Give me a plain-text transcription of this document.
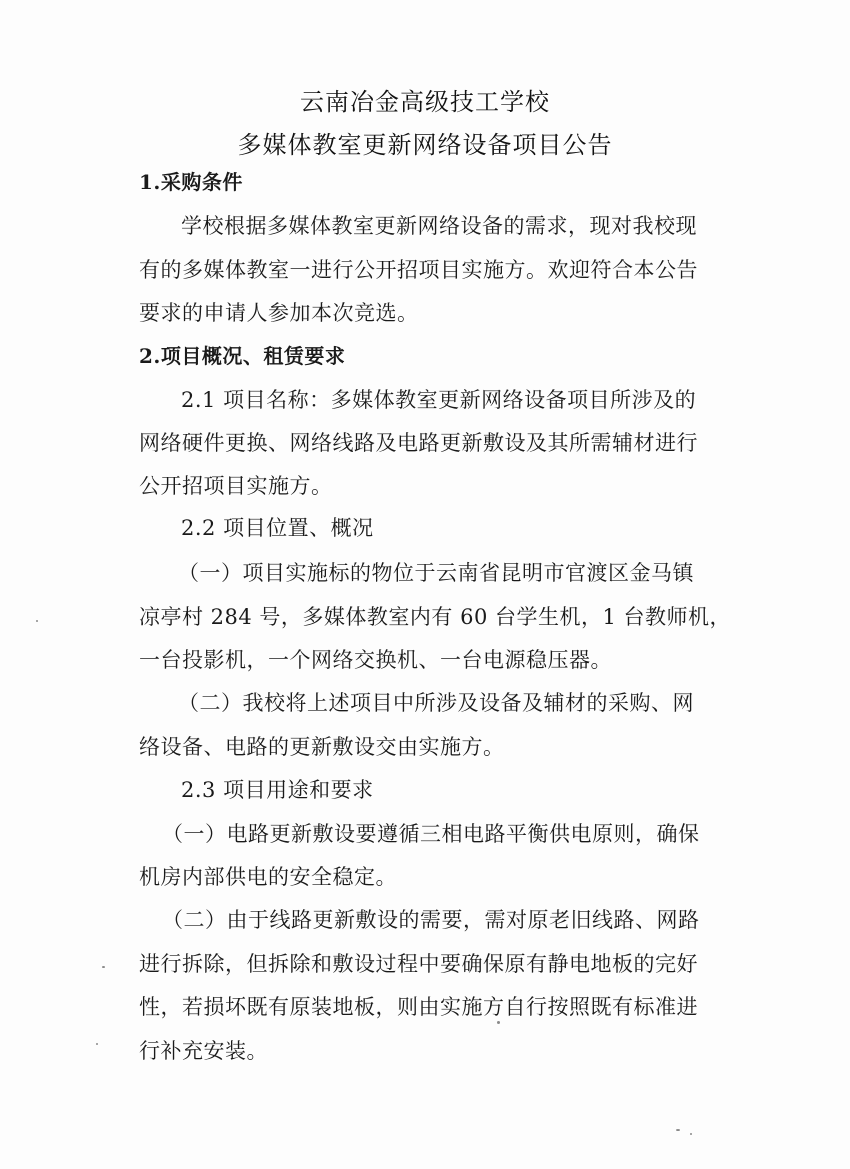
云南冶金高级技工学校
多媒体教室更新网络设备项目公告
1.采购条件
学校根据多媒体教室更新网络设备的需求，现对我校现
有的多媒体教室一进行公开招项目实施方。欢迎符合本公告
要求的申请人参加本次竞选。
2.项目概况、租赁要求
2.1 项目名称：多媒体教室更新网络设备项目所涉及的
网络硬件更换、网络线路及电路更新敷设及其所需辅材进行
公开招项目实施方。
2.2 项目位置、概况
（一）项目实施标的物位于云南省昆明市官渡区金马镇
凉亭村 284 号，多媒体教室内有 60 台学生机，1 台教师机，
一台投影机，一个网络交换机、一台电源稳压器。
（二）我校将上述项目中所涉及设备及辅材的采购、网
络设备、电路的更新敷设交由实施方。
2.3 项目用途和要求
（一）电路更新敷设要遵循三相电路平衡供电原则，确保
机房内部供电的安全稳定。
（二）由于线路更新敷设的需要，需对原老旧线路、网路
进行拆除，但拆除和敷设过程中要确保原有静电地板的完好
性，若损坏既有原装地板，则由实施方自行按照既有标准进
行补充安装。
